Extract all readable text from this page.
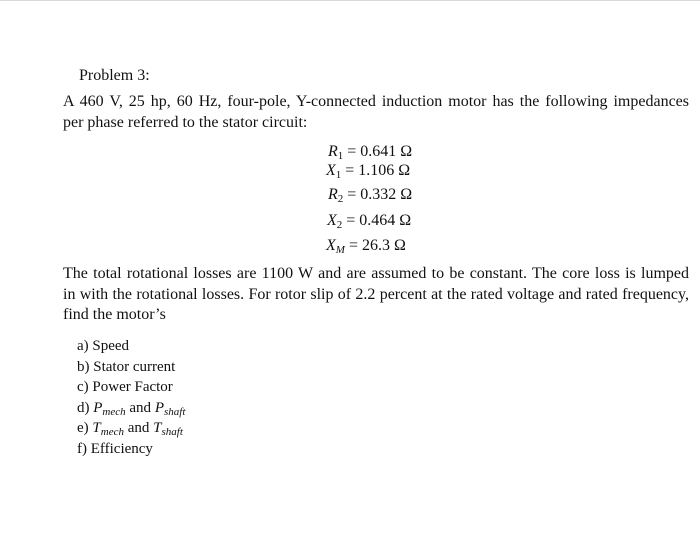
Problem 3:
A 460 V, 25 hp, 60 Hz, four-pole, Y-connected induction motor has the following impedances
per phase referred to the stator circuit:
R1 = 0.641 Ω
X1 = 1.106 Ω
R2 = 0.332 Ω
X2 = 0.464 Ω
XM = 26.3 Ω
The total rotational losses are 1100 W and are assumed to be constant. The core loss is lumped
in with the rotational losses. For rotor slip of 2.2 percent at the rated voltage and rated frequency,
find the motor’s
a) Speed
b) Stator current
c) Power Factor
d) $P_{mech}$ and $P_{shaft}$
e) $T_{mech}$ and $T_{shaft}$
f) Efficiency
